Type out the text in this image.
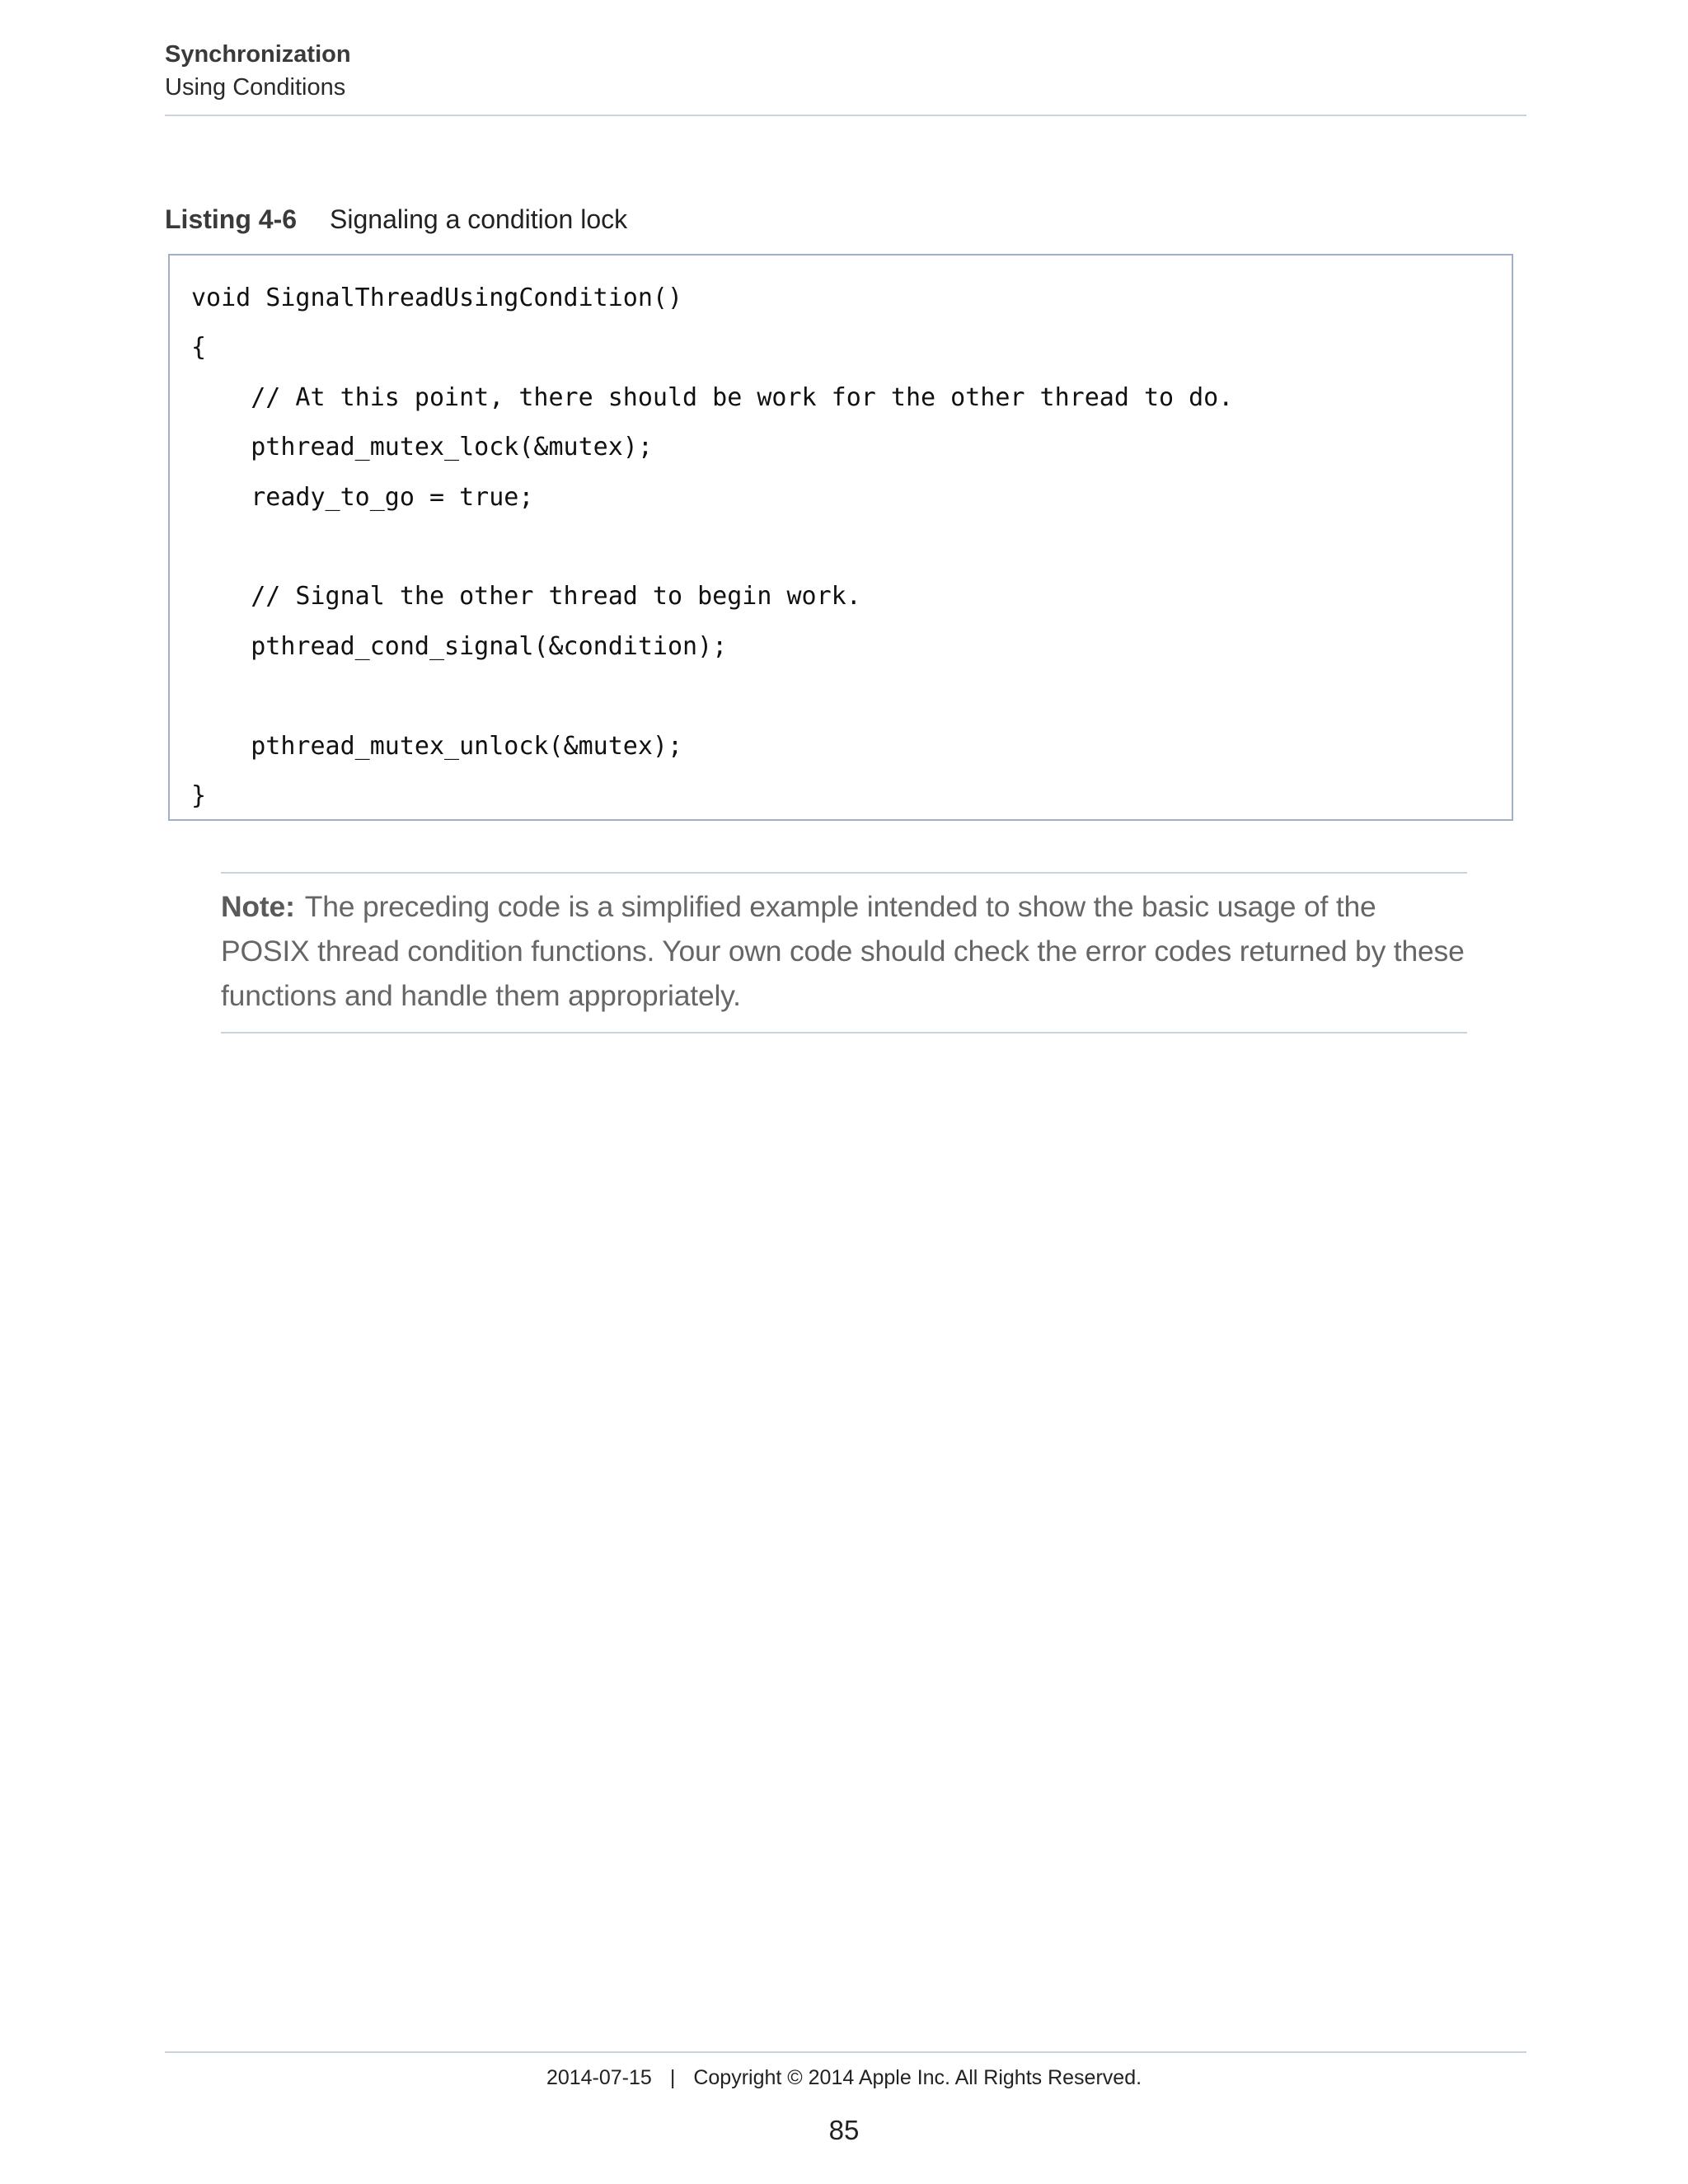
Synchronization
Using Conditions
Listing 4-6 Signaling a condition lock
void SignalThreadUsingCondition()
{
// At this point, there should be work for the other thread to do.
pthread_mutex_lock(&mutex);
ready_to_go = true;
// Signal the other thread to begin work.
pthread_cond_signal(&condition);
pthread_mutex_unlock(&mutex);
}
Note: The preceding code is a simplified example intended to show the basic usage of the POSIX thread condition functions. Your own code should check the error codes returned by these functions and handle them appropriately.
2014-07-15 | Copyright © 2014 Apple Inc. All Rights Reserved.
85
